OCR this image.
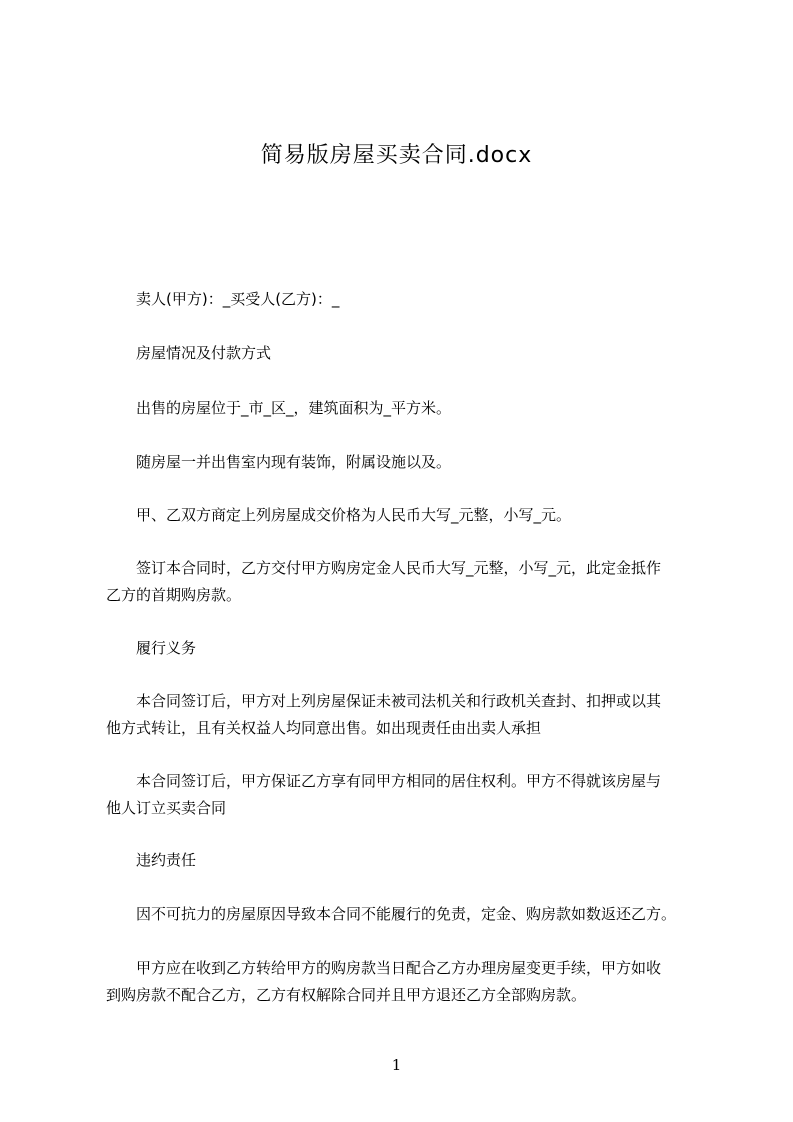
简易版房屋买卖合同.docx
卖人(甲方)：_买受人(乙方)：_
房屋情况及付款方式
出售的房屋位于_市_区_，建筑面积为_平方米。
随房屋一并出售室内现有装饰，附属设施以及。
甲、乙双方商定上列房屋成交价格为人民币大写_元整，小写_元。
签订本合同时，乙方交付甲方购房定金人民币大写_元整，小写_元，此定金抵作
乙方的首期购房款。
履行义务
本合同签订后，甲方对上列房屋保证未被司法机关和行政机关查封、扣押或以其
他方式转让，且有关权益人均同意出售。如出现责任由出卖人承担
本合同签订后，甲方保证乙方享有同甲方相同的居住权利。甲方不得就该房屋与
他人订立买卖合同
违约责任
因不可抗力的房屋原因导致本合同不能履行的免责，定金、购房款如数返还乙方。
甲方应在收到乙方转给甲方的购房款当日配合乙方办理房屋变更手续，甲方如收
到购房款不配合乙方，乙方有权解除合同并且甲方退还乙方全部购房款。
1
